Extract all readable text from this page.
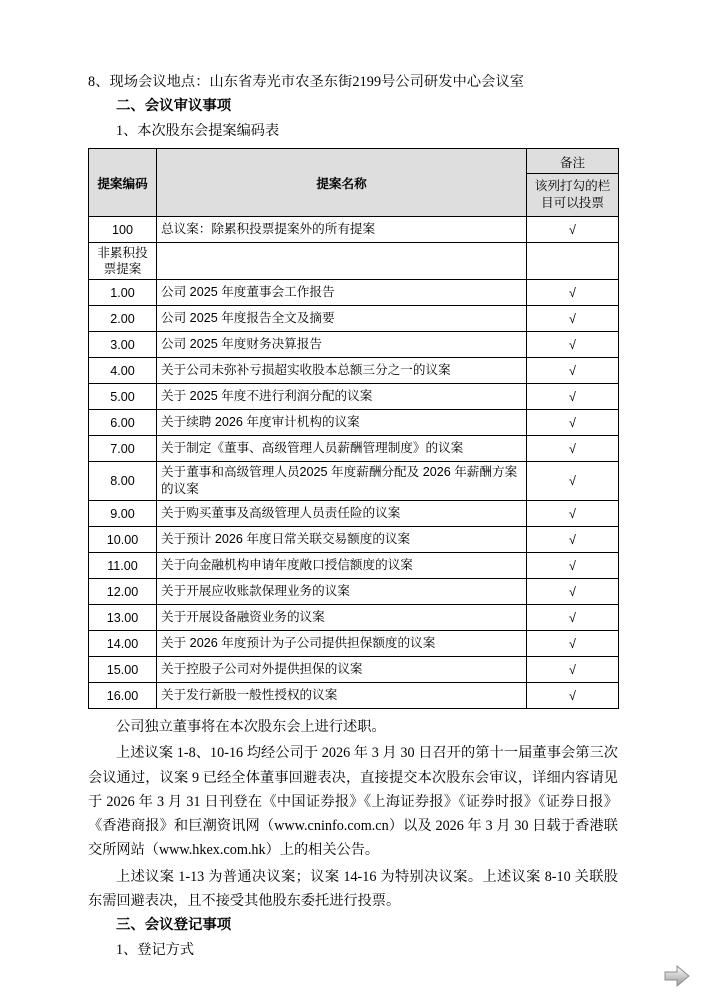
8、现场会议地点：山东省寿光市农圣东街2199号公司研发中心会议室
二、会议审议事项
1、本次股东会提案编码表
提案编码	提案名称	备注
		该列打勾的栏目可以投票
100	总议案：除累积投票提案外的所有提案	√
非累积投票提案		
1.00	公司 2025 年度董事会工作报告	√
2.00	公司 2025 年度报告全文及摘要	√
3.00	公司 2025 年度财务决算报告	√
4.00	关于公司未弥补亏损超实收股本总额三分之一的议案	√
5.00	关于 2025 年度不进行利润分配的议案	√
6.00	关于续聘 2026 年度审计机构的议案	√
7.00	关于制定《董事、高级管理人员薪酬管理制度》的议案	√
8.00	关于董事和高级管理人员2025 年度薪酬分配及 2026 年薪酬方案的议案	√
9.00	关于购买董事及高级管理人员责任险的议案	√
10.00	关于预计 2026 年度日常关联交易额度的议案	√
11.00	关于向金融机构申请年度敞口授信额度的议案	√
12.00	关于开展应收账款保理业务的议案	√
13.00	关于开展设备融资业务的议案	√
14.00	关于 2026 年度预计为子公司提供担保额度的议案	√
15.00	关于控股子公司对外提供担保的议案	√
16.00	关于发行新股一般性授权的议案	√
公司独立董事将在本次股东会上进行述职。
上述议案 1-8、10-16 均经公司于 2026 年 3 月 30 日召开的第十一届董事会第三次会议通过，议案 9 已经全体董事回避表决，直接提交本次股东会审议，详细内容请见于 2026 年 3 月 31 日刊登在《中国证券报》《上海证券报》《证券时报》《证券日报》《香港商报》和巨潮资讯网（www.cninfo.com.cn）以及 2026 年 3 月 30 日载于香港联交所网站（www.hkex.com.hk）上的相关公告。
上述议案 1-13 为普通决议案；议案 14-16 为特别决议案。上述议案 8-10 关联股东需回避表决，且不接受其他股东委托进行投票。
三、会议登记事项
1、登记方式
